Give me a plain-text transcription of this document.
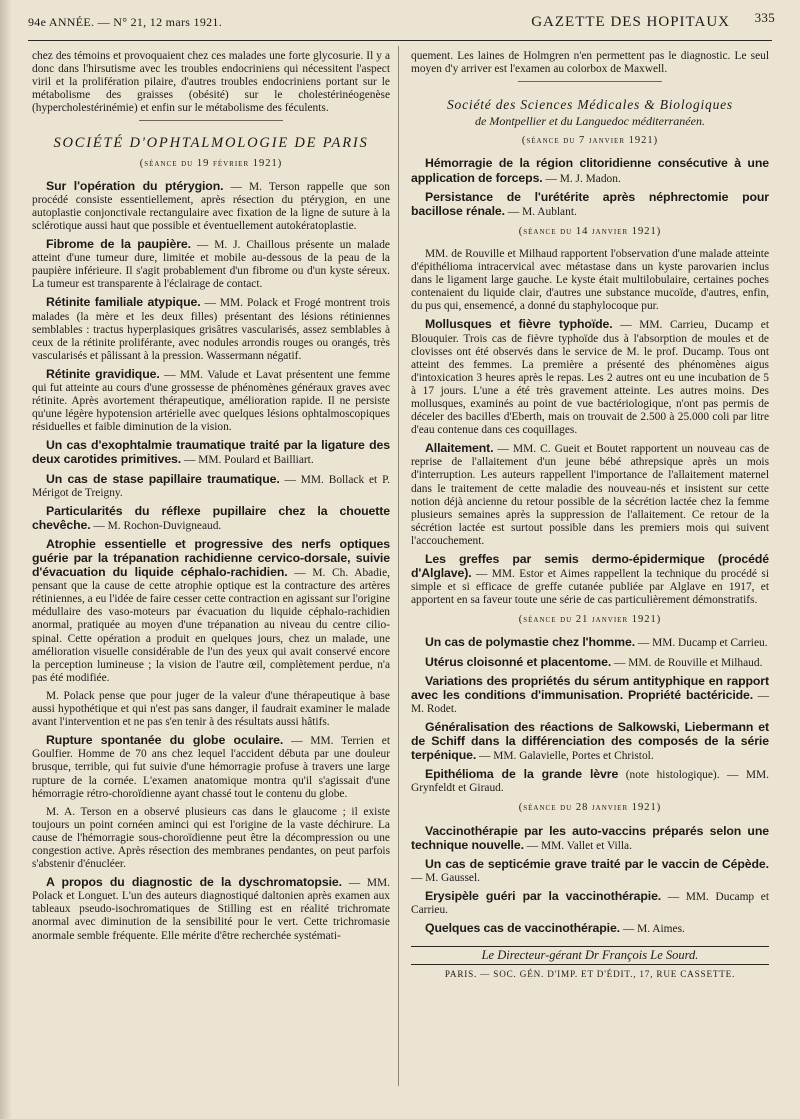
94e ANNÉE. — N° 21, 12 mars 1921.	GAZETTE DES HOPITAUX 335

chez des témoins et provoquaient chez ces malades une forte glycosurie. Il y a donc dans l'hirsutisme avec les troubles endocriniens qui nécessitent l'aspect viril et la prolifération pilaire, d'autres troubles endocriniens portant sur le métabolisme des graisses (obésité) sur le cholestérinéogenèse (hypercholestérinémie) et enfin sur le métabolisme des féculents.

SOCIÉTÉ D'OPHTALMOLOGIE DE PARIS
(séance du 19 février 1921)

Sur l'opération du ptérygion. — M. Terson rappelle que son procédé consiste essentiellement, après résection du ptérygion, en une autoplastie conjonctivale rectangulaire avec fixation de la ligne de suture à la sclérotique aussi haut que possible et éventuellement autokératoplastie.

Fibrome de la paupière. — M. J. Chaillous présente un malade atteint d'une tumeur dure, limitée et mobile au-dessous de la peau de la paupière inférieure. Il s'agit probablement d'un fibrome ou d'un kyste séreux. La tumeur est transparente à l'éclairage de contact.

Rétinite familiale atypique. — MM. Polack et Frogé montrent trois malades (la mère et les deux filles) présentant des lésions rétiniennes semblables : tractus hyperplasiques grisâtres vascularisés, assez semblables à ceux de la rétinite proliférante, avec nodules arrondis rouges ou orangés, très vascularisés et pâlissant à la pression. Wassermann négatif.

Rétinite gravidique. — MM. Valude et Lavat présentent une femme qui fut atteinte au cours d'une grossesse de phénomènes généraux graves avec rétinite. Après avortement thérapeutique, amélioration rapide. Il ne persiste qu'une légère hypotension artérielle avec quelques lésions ophtalmoscopiques résiduelles et faible diminution de la vision.

Un cas d'exophtalmie traumatique traité par la ligature des deux carotides primitives. — MM. Poulard et Bailliart.

Un cas de stase papillaire traumatique. — MM. Bollack et P. Mérigot de Treigny.

Particularités du réflexe pupillaire chez la chouette chevêche. — M. Rochon-Duvigneaud.

Atrophie essentielle et progressive des nerfs optiques guérie par la trépanation rachidienne cervico-dorsale, suivie d'évacuation du liquide céphalo-rachidien. — M. Ch. Abadie, pensant que la cause de cette atrophie optique est la contracture des artères rétiniennes, a eu l'idée de faire cesser cette contraction en agissant sur l'origine médullaire des vaso-moteurs par évacuation du liquide céphalo-rachidien anormal, pratiquée au moyen d'une trépanation au niveau du centre cilio-spinal. Cette opération a produit en quelques jours, chez un malade, une amélioration visuelle considérable de l'un des yeux qui avait conservé encore la perception lumineuse ; la vision de l'autre œil, complètement perdue, n'a pas été modifiée.

M. Polack pense que pour juger de la valeur d'une thérapeutique à base aussi hypothétique et qui n'est pas sans danger, il faudrait examiner le malade avant l'intervention et ne pas s'en tenir à des résultats aussi hâtifs.

Rupture spontanée du globe oculaire. — MM. Terrien et Goulfier. Homme de 70 ans chez lequel l'accident débuta par une douleur brusque, terrible, qui fut suivie d'une hémorragie profuse à travers une large rupture de la cornée. L'examen anatomique montra qu'il s'agissait d'une hémorragie rétro-choroïdienne ayant chassé tout le contenu du globe.

M. A. Terson en a observé plusieurs cas dans le glaucome ; il existe toujours un point cornéen aminci qui est l'origine de la vaste déchirure. La cause de l'hémorragie sous-choroïdienne peut être la décompression ou une congestion active. Après résection des membranes pendantes, on peut parfois s'abstenir d'énucléer.

A propos du diagnostic de la dyschromatopsie. — MM. Polack et Longuet. L'un des auteurs diagnostiqué daltonien après examen aux tableaux pseudo-isochromatiques de Stilling est en réalité trichromate anormal avec diminution de la sensibilité pour le vert. Cette trichromasie anormale semble fréquente. Elle mérite d'être recherchée systémati-

quement. Les laines de Holmgren n'en permettent pas le diagnostic. Le seul moyen d'y arriver est l'examen au colorbox de Maxwell.

Société des Sciences Médicales & Biologiques
de Montpellier et du Languedoc méditerranéen.
(séance du 7 janvier 1921)

Hémorragie de la région clitoridienne consécutive à une application de forceps. — M. J. Madon.

Persistance de l'urétérite après néphrectomie pour bacillose rénale. — M. Aublant.

(séance du 14 janvier 1921)

MM. de Rouville et Milhaud rapportent l'observation d'une malade atteinte d'épithélioma intracervical avec métastase dans un kyste parovarien inclus dans le ligament large gauche. Le kyste était multilobulaire, certaines poches contenaient du liquide clair, d'autres une substance mucoïde, d'autres, enfin, du pus qui, ensemencé, a donné du staphylocoque pur.

Mollusques et fièvre typhoïde. — MM. Carrieu, Ducamp et Blouquier. Trois cas de fièvre typhoïde dus à l'absorption de moules et de clovisses ont été observés dans le service de M. le prof. Ducamp. Tous ont atteint des femmes. La première a présenté des phénomènes aigus d'intoxication 3 heures après le repas. Les 2 autres ont eu une incubation de 5 à 17 jours. L'une a été très gravement atteinte. Les autres moins. Des mollusques, examinés au point de vue bactériologique, n'ont pas permis de déceler des bacilles d'Eberth, mais on trouvait de 2.500 à 25.000 coli par litre d'eau contenue dans ces coquillages.

Allaitement. — MM. C. Gueit et Boutet rapportent un nouveau cas de reprise de l'allaitement d'un jeune bébé athrepsique après un mois d'interruption. Les auteurs rappellent l'importance de l'allaitement maternel dans le traitement de cette maladie des nouveau-nés et insistent sur cette notion déjà ancienne du retour possible de la sécrétion lactée chez la femme plusieurs semaines après la suppression de l'allaitement. Ce retour de la sécrétion lactée est surtout possible dans les premiers mois qui suivent l'accouchement.

Les greffes par semis dermo-épidermique (procédé d'Alglave). — MM. Estor et Aimes rappellent la technique du procédé si simple et si efficace de greffe cutanée publiée par Alglave en 1917, et apportent en sa faveur toute une série de cas particulièrement démonstratifs.

(séance du 21 janvier 1921)

Un cas de polymastie chez l'homme. — MM. Ducamp et Carrieu.

Utérus cloisonné et placentome. — MM. de Rouville et Milhaud.

Variations des propriétés du sérum antityphique en rapport avec les conditions d'immunisation. Propriété bactéricide. — M. Rodet.

Généralisation des réactions de Salkowski, Liebermann et de Schiff dans la différenciation des composés de la série terpénique. — MM. Galavielle, Portes et Christol.

Epithélioma de la grande lèvre (note histologique). — MM. Grynfeldt et Giraud.

(séance du 28 janvier 1921)

Vaccinothérapie par les auto-vaccins préparés selon une technique nouvelle. — MM. Vallet et Villa.

Un cas de septicémie grave traité par le vaccin de Cépède. — M. Gaussel.

Erysipèle guéri par la vaccinothérapie. — MM. Ducamp et Carrieu.

Quelques cas de vaccinothérapie. — M. Aimes.

Le Directeur-gérant Dr François Le Sourd.
PARIS. — SOC. GÉN. D'IMP. ET D'ÉDIT., 17, RUE CASSETTE.
